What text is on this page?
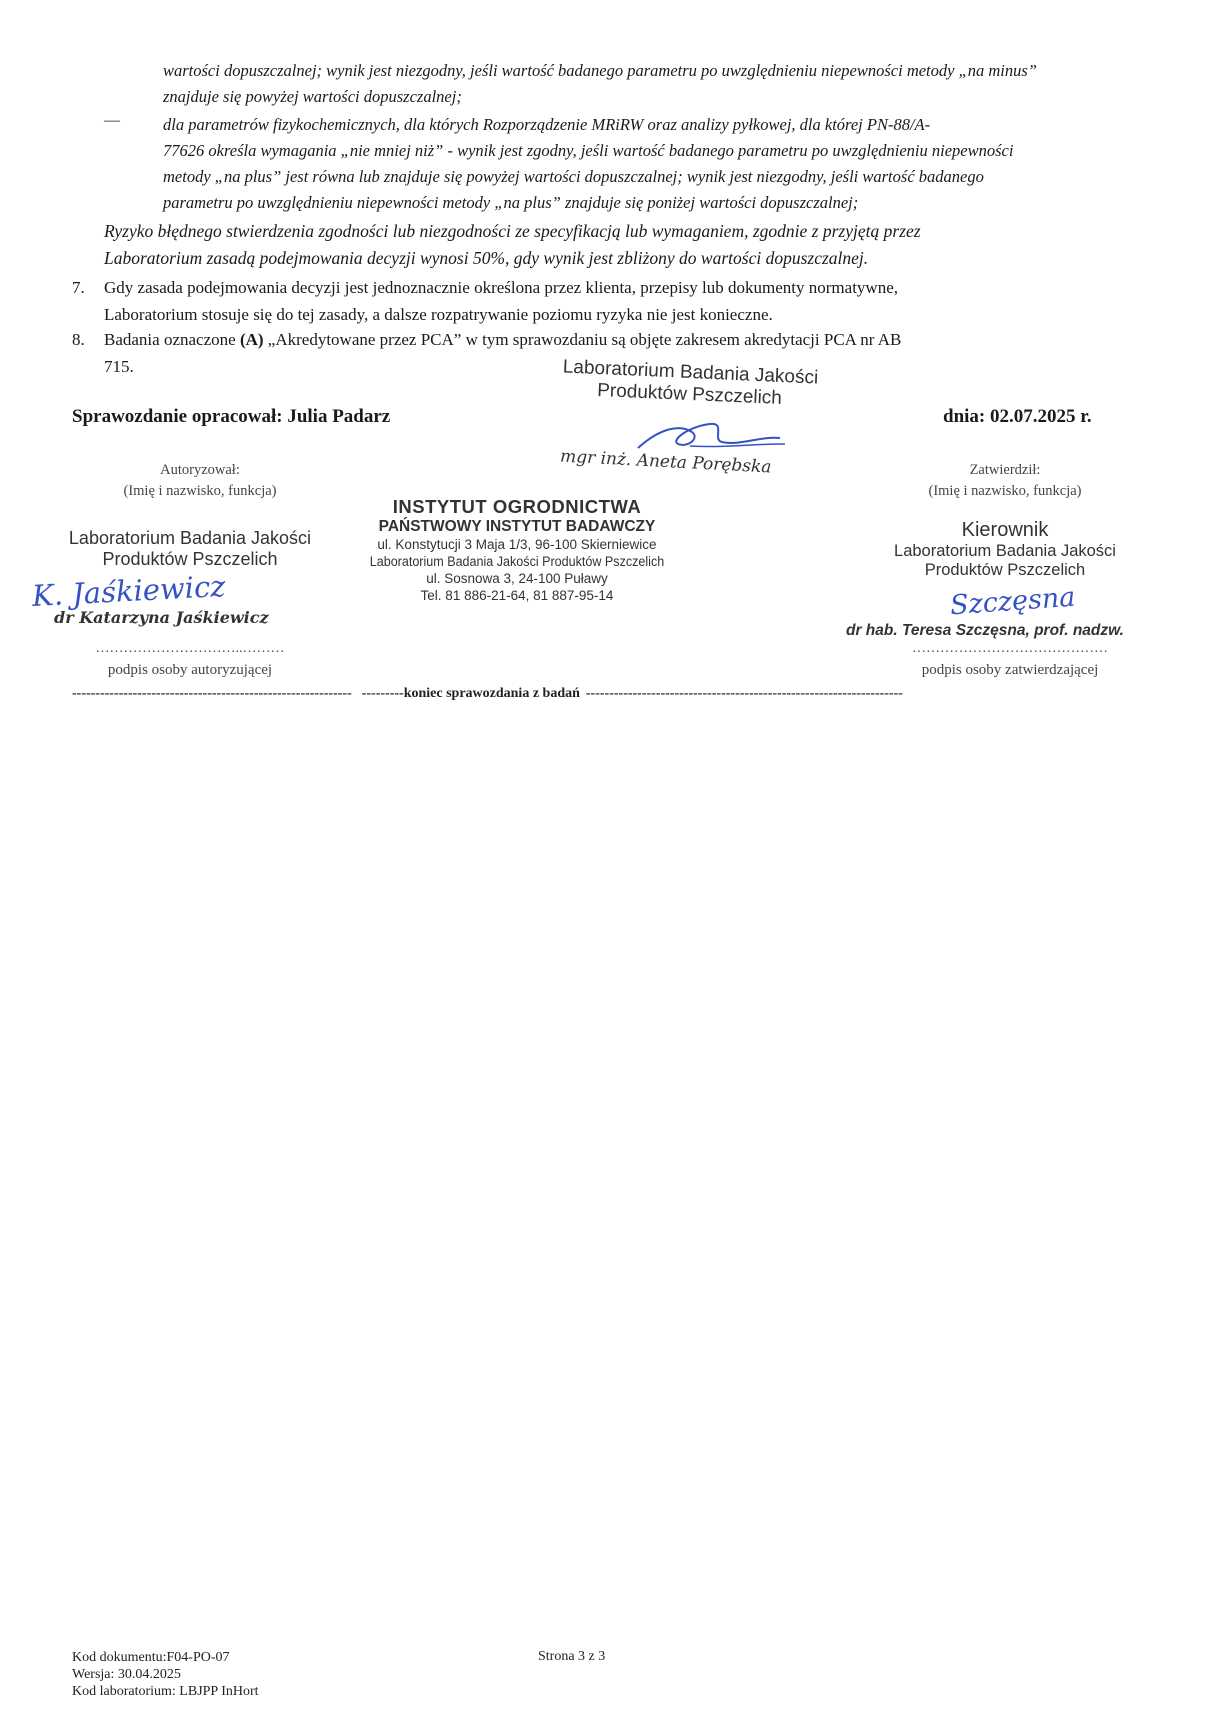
wartości dopuszczalnej; wynik jest niezgodny, jeśli wartość badanego parametru po uwzględnieniu niepewności metody „na minus”
znajduje się powyżej wartości dopuszczalnej;
—	dla parametrów fizykochemicznych, dla których Rozporządzenie MRiRW oraz analizy pyłkowej, dla której PN-88/A-
77626 określa wymagania „nie mniej niż” - wynik jest zgodny, jeśli wartość badanego parametru po uwzględnieniu niepewności
metody „na plus” jest równa lub znajduje się powyżej wartości dopuszczalnej; wynik jest niezgodny, jeśli wartość badanego
parametru po uwzględnieniu niepewności metody „na plus” znajduje się poniżej wartości dopuszczalnej;
Ryzyko błędnego stwierdzenia zgodności lub niezgodności ze specyfikacją lub wymaganiem, zgodnie z przyjętą przez
Laboratorium zasadą podejmowania decyzji wynosi 50%, gdy wynik jest zbliżony do wartości dopuszczalnej.
7. Gdy zasada podejmowania decyzji jest jednoznacznie określona przez klienta, przepisy lub dokumenty normatywne,
Laboratorium stosuje się do tej zasady, a dalsze rozpatrywanie poziomu ryzyka nie jest konieczne.
8. Badania oznaczone (A) „Akredytowane przez PCA” w tym sprawozdaniu są objęte zakresem akredytacji PCA nr AB
715.
Sprawozdanie opracował: Julia Padarz	dnia: 02.07.2025 r.
Laboratorium Badania Jakości
Produktów Pszczelich
mgr inż. Aneta Porębska
Autoryzował:
(Imię i nazwisko, funkcja)
Laboratorium Badania Jakości
Produktów Pszczelich
K. Jaśkiewicz
dr Katarzyna Jaśkiewicz
…………………………..………
podpis osoby autoryzującej
INSTYTUT OGRODNICTWA
PAŃSTWOWY INSTYTUT BADAWCZY
ul. Konstytucji 3 Maja 1/3, 96-100 Skierniewice
Laboratorium Badania Jakości Produktów Pszczelich
ul. Sosnowa 3, 24-100 Puławy
Tel. 81 886-21-64, 81 887-95-14
Zatwierdził:
(Imię i nazwisko, funkcja)
Kierownik
Laboratorium Badania Jakości
Produktów Pszczelich
Szczęsna
dr hab. Teresa Szczęsna, prof. nadzw.
……………………………………
podpis osoby zatwierdzającej
------------------------------------------------------------ ---------koniec sprawozdania z badań --------------------------------------------------------------------
Kod dokumentu:F04-PO-07
Wersja: 30.04.2025
Kod laboratorium: LBJPP InHort
Strona 3 z 3
